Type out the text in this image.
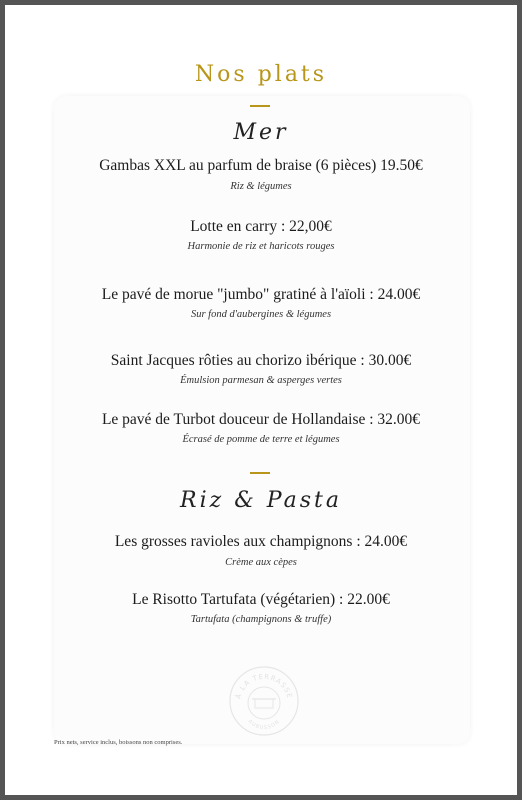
Nos plats
Mer
Gambas XXL au parfum de braise (6 pièces) 19.50€
Riz & légumes
Lotte en carry : 22,00€
Harmonie de riz et haricots rouges
Le pavé de morue "jumbo" gratiné à l'aïoli : 24.00€
Sur fond d'aubergines & légumes
Saint Jacques rôties au chorizo ibérique : 30.00€
Émulsion parmesan & asperges vertes
Le pavé de Turbot douceur de Hollandaise : 32.00€
Écrasé de pomme de terre et légumes
Riz & Pasta
Les grosses ravioles aux champignons : 24.00€
Crème aux cèpes
Le Risotto Tartufata (végétarien) : 22.00€
Tartufata (champignons & truffe)
À LA TERRASSE
AUBUSSON
Prix nets, service inclus, boissons non comprises.
